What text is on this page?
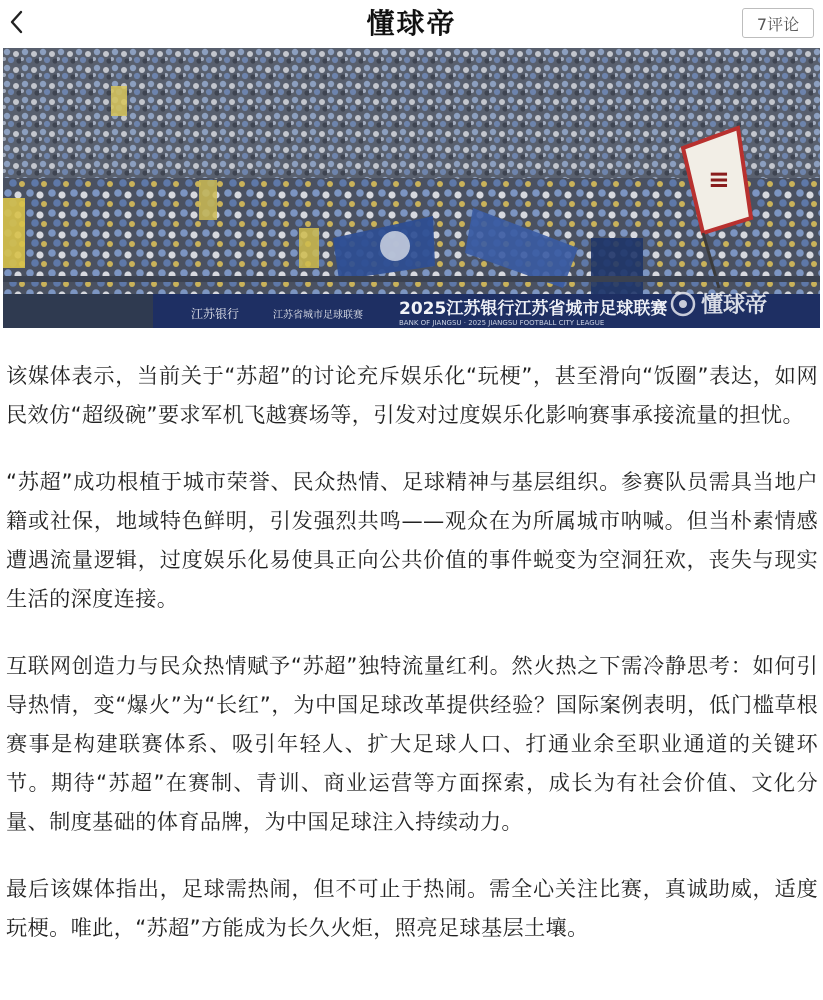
懂球帝	7评论
≡
江苏银行	江苏省城市足球联赛 2025江苏银行江苏省城市足球联赛
BANK OF JIANGSU · 2025 JIANGSU FOOTBALL CITY LEAGUE
懂球帝

该媒体表示，当前关于“苏超”的讨论充斥娱乐化“玩梗”，甚至滑向“饭圈”表达，如网民效仿“超级碗”要求军机飞越赛场等，引发对过度娱乐化影响赛事承接流量的担忧。

“苏超”成功根植于城市荣誉、民众热情、足球精神与基层组织。参赛队员需具当地户籍或社保，地域特色鲜明，引发强烈共鸣——观众在为所属城市呐喊。但当朴素情感遭遇流量逻辑，过度娱乐化易使具正向公共价值的事件蜕变为空洞狂欢，丧失与现实生活的深度连接。

互联网创造力与民众热情赋予“苏超”独特流量红利。然火热之下需冷静思考：如何引导热情，变“爆火”为“长红”，为中国足球改革提供经验？国际案例表明，低门槛草根赛事是构建联赛体系、吸引年轻人、扩大足球人口、打通业余至职业通道的关键环节。期待“苏超”在赛制、青训、商业运营等方面探索，成长为有社会价值、文化分量、制度基础的体育品牌，为中国足球注入持续动力。

最后该媒体指出，足球需热闹，但不可止于热闹。需全心关注比赛，真诚助威，适度玩梗。唯此，“苏超”方能成为长久火炬，照亮足球基层土壤。
